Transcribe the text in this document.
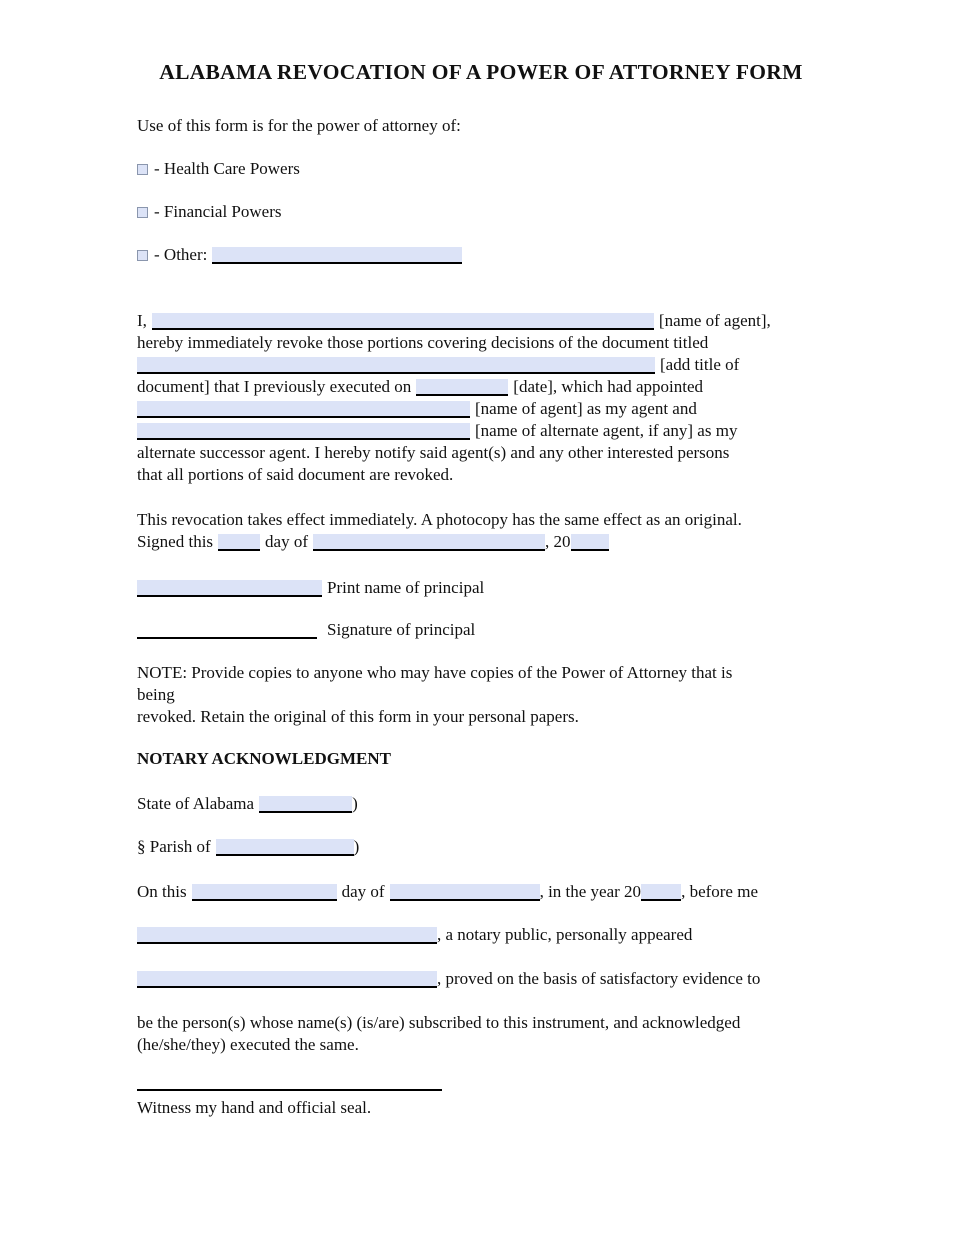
ALABAMA REVOCATION OF A POWER OF ATTORNEY FORM
Use of this form is for the power of attorney of:
- Health Care Powers
- Financial Powers
- Other:
I,	[name of agent],
hereby immediately revoke those portions covering decisions of the document titled
[add title of
document] that I previously executed on	[date], which had appointed
[name of agent] as my agent and
[name of alternate agent, if any] as my
alternate successor agent. I hereby notify said agent(s) and any other interested persons
that all portions of said document are revoked.
This revocation takes effect immediately. A photocopy has the same effect as an original.
Signed this	day of	, 20
Print name of principal
Signature of principal
NOTE: Provide copies to anyone who may have copies of the Power of Attorney that is
being
revoked. Retain the original of this form in your personal papers.
NOTARY ACKNOWLEDGMENT
State of Alabama	)
§ Parish of	)
On this	day of	, in the year 20 , before me
, a notary public, personally appeared
, proved on the basis of satisfactory evidence to
be the person(s) whose name(s) (is/are) subscribed to this instrument, and acknowledged
(he/she/they) executed the same.
Witness my hand and official seal.
